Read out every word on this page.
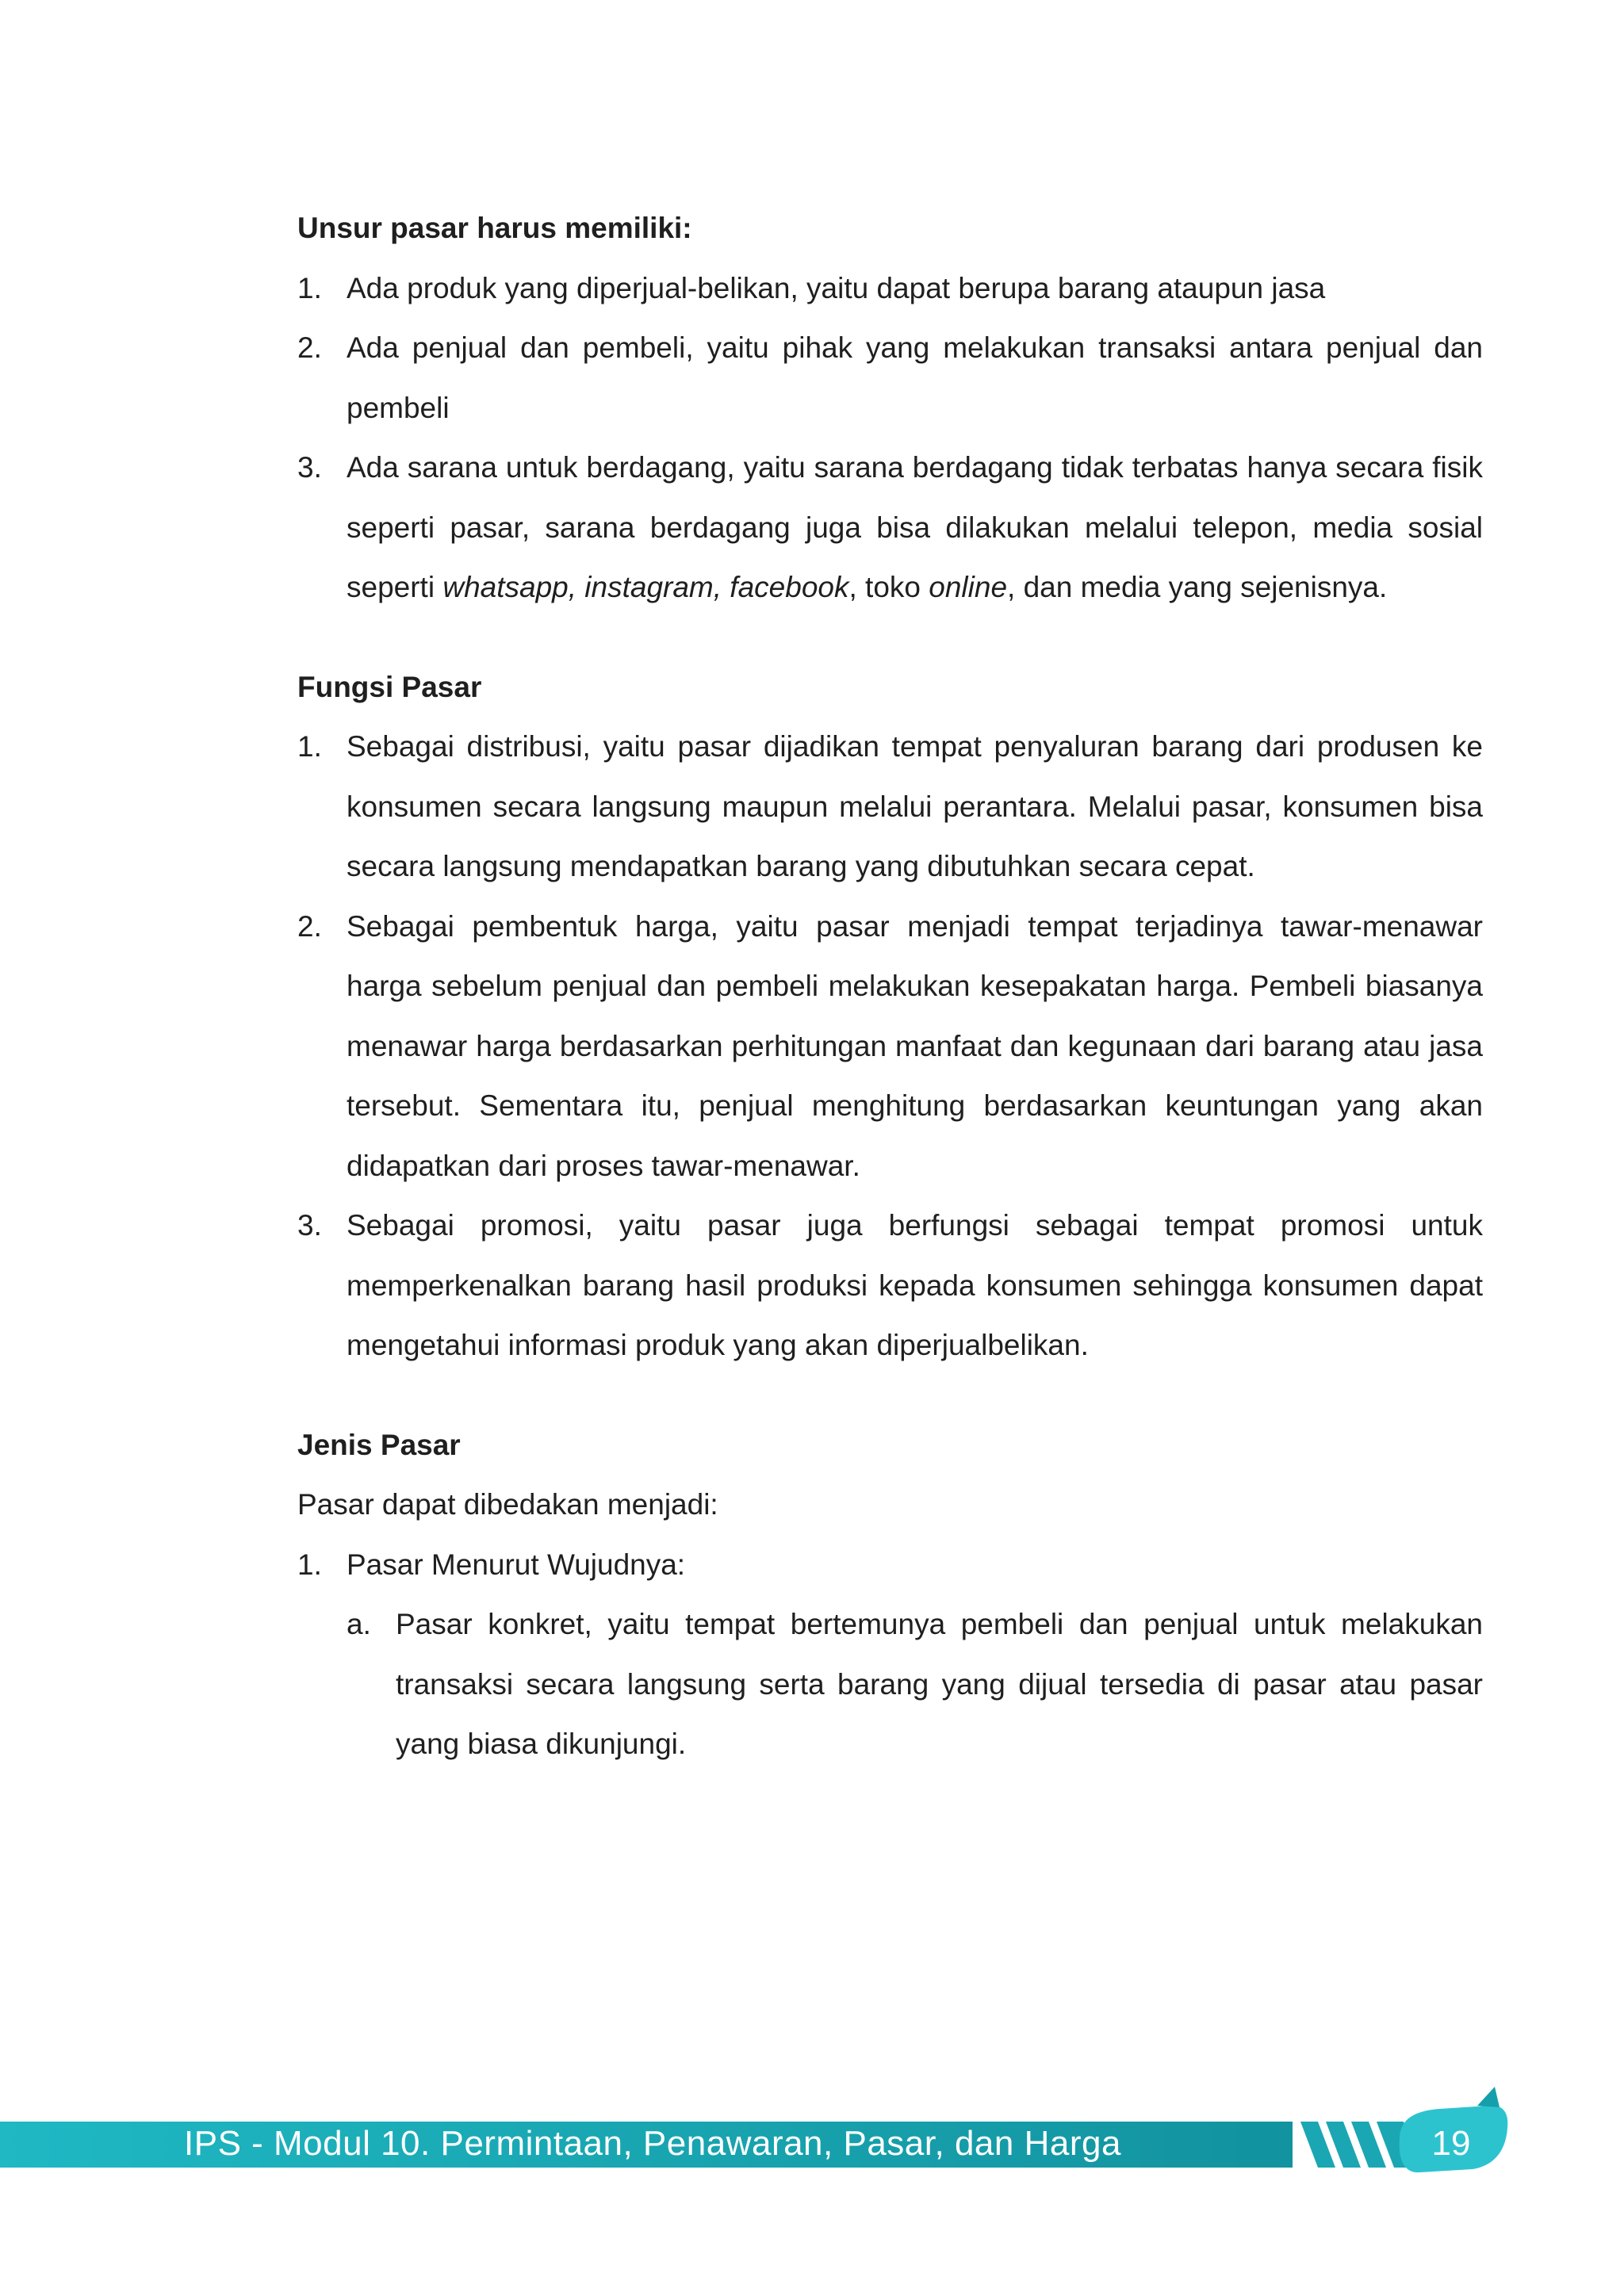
Unsur pasar harus memiliki:

1. Ada produk yang diperjual-belikan, yaitu dapat berupa barang ataupun jasa
2. Ada penjual dan pembeli, yaitu pihak yang melakukan transaksi antara penjual dan pembeli
3. Ada sarana untuk berdagang, yaitu sarana berdagang tidak terbatas hanya secara fisik seperti pasar, sarana berdagang juga bisa dilakukan melalui telepon, media sosial seperti whatsapp, instagram, facebook, toko online, dan media yang sejenisnya.

Fungsi Pasar

1. Sebagai distribusi, yaitu pasar dijadikan tempat penyaluran barang dari produsen ke konsumen secara langsung maupun melalui perantara. Melalui pasar, konsumen bisa secara langsung mendapatkan barang yang dibutuhkan secara cepat.
2. Sebagai pembentuk harga, yaitu pasar menjadi tempat terjadinya tawar-menawar harga sebelum penjual dan pembeli melakukan kesepakatan harga. Pembeli biasanya menawar harga berdasarkan perhitungan manfaat dan kegunaan dari barang atau jasa tersebut. Sementara itu, penjual menghitung berdasarkan keuntungan yang akan didapatkan dari proses tawar-menawar.
3. Sebagai promosi, yaitu pasar juga berfungsi sebagai tempat promosi untuk memperkenalkan barang hasil produksi kepada konsumen sehingga konsumen dapat mengetahui informasi produk yang akan diperjualbelikan.

Jenis Pasar

Pasar dapat dibedakan menjadi:

1. Pasar Menurut Wujudnya:
a. Pasar konkret, yaitu tempat bertemunya pembeli dan penjual untuk melakukan transaksi secara langsung serta barang yang dijual tersedia di pasar atau pasar yang biasa dikunjungi.
19
IPS - Modul 10. Permintaan, Penawaran, Pasar, dan Harga
